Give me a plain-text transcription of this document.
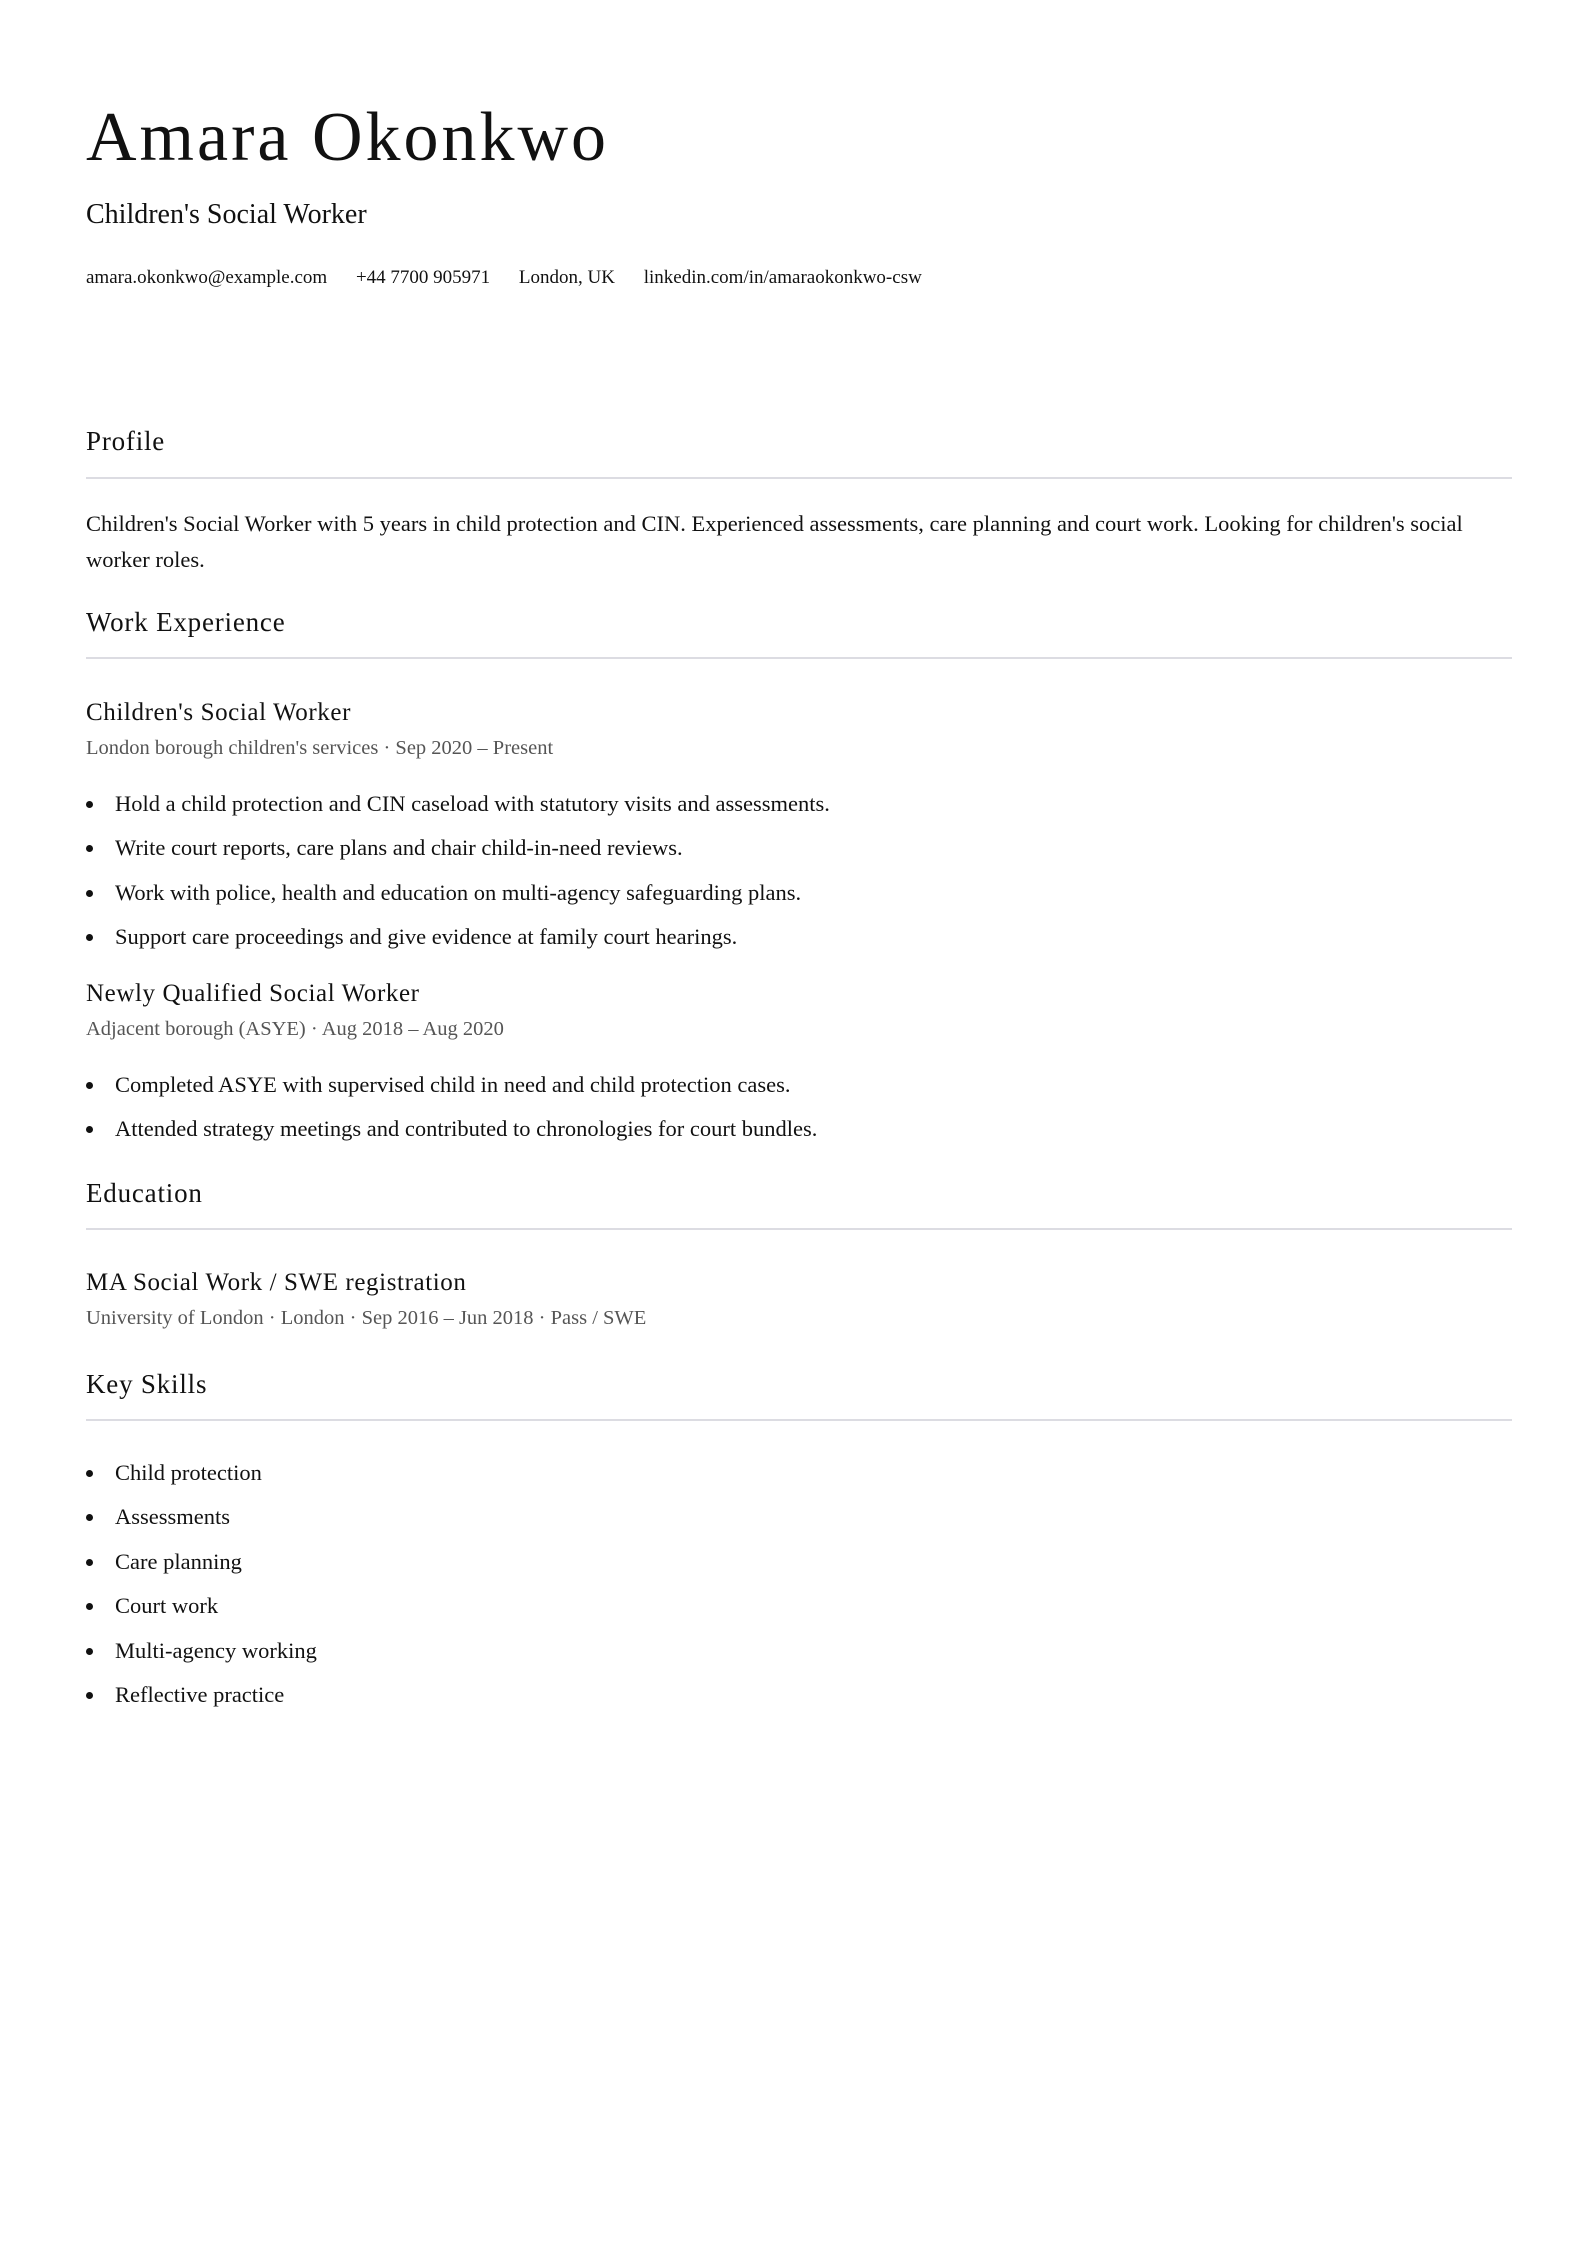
Amara Okonkwo
Children's Social Worker
amara.okonkwo@example.com +44 7700 905971 London, UK linkedin.com/in/amaraokonkwo-csw
Profile
Children's Social Worker with 5 years in child protection and CIN. Experienced assessments, care planning and court work. Looking for children's social worker roles.
Work Experience
Children's Social Worker
London borough children's services · Sep 2020 – Present
Hold a child protection and CIN caseload with statutory visits and assessments.
Write court reports, care plans and chair child-in-need reviews.
Work with police, health and education on multi-agency safeguarding plans.
Support care proceedings and give evidence at family court hearings.
Newly Qualified Social Worker
Adjacent borough (ASYE) · Aug 2018 – Aug 2020
Completed ASYE with supervised child in need and child protection cases.
Attended strategy meetings and contributed to chronologies for court bundles.
Education
MA Social Work / SWE registration
University of London · London · Sep 2016 – Jun 2018 · Pass / SWE
Key Skills
Child protection
Assessments
Care planning
Court work
Multi-agency working
Reflective practice
